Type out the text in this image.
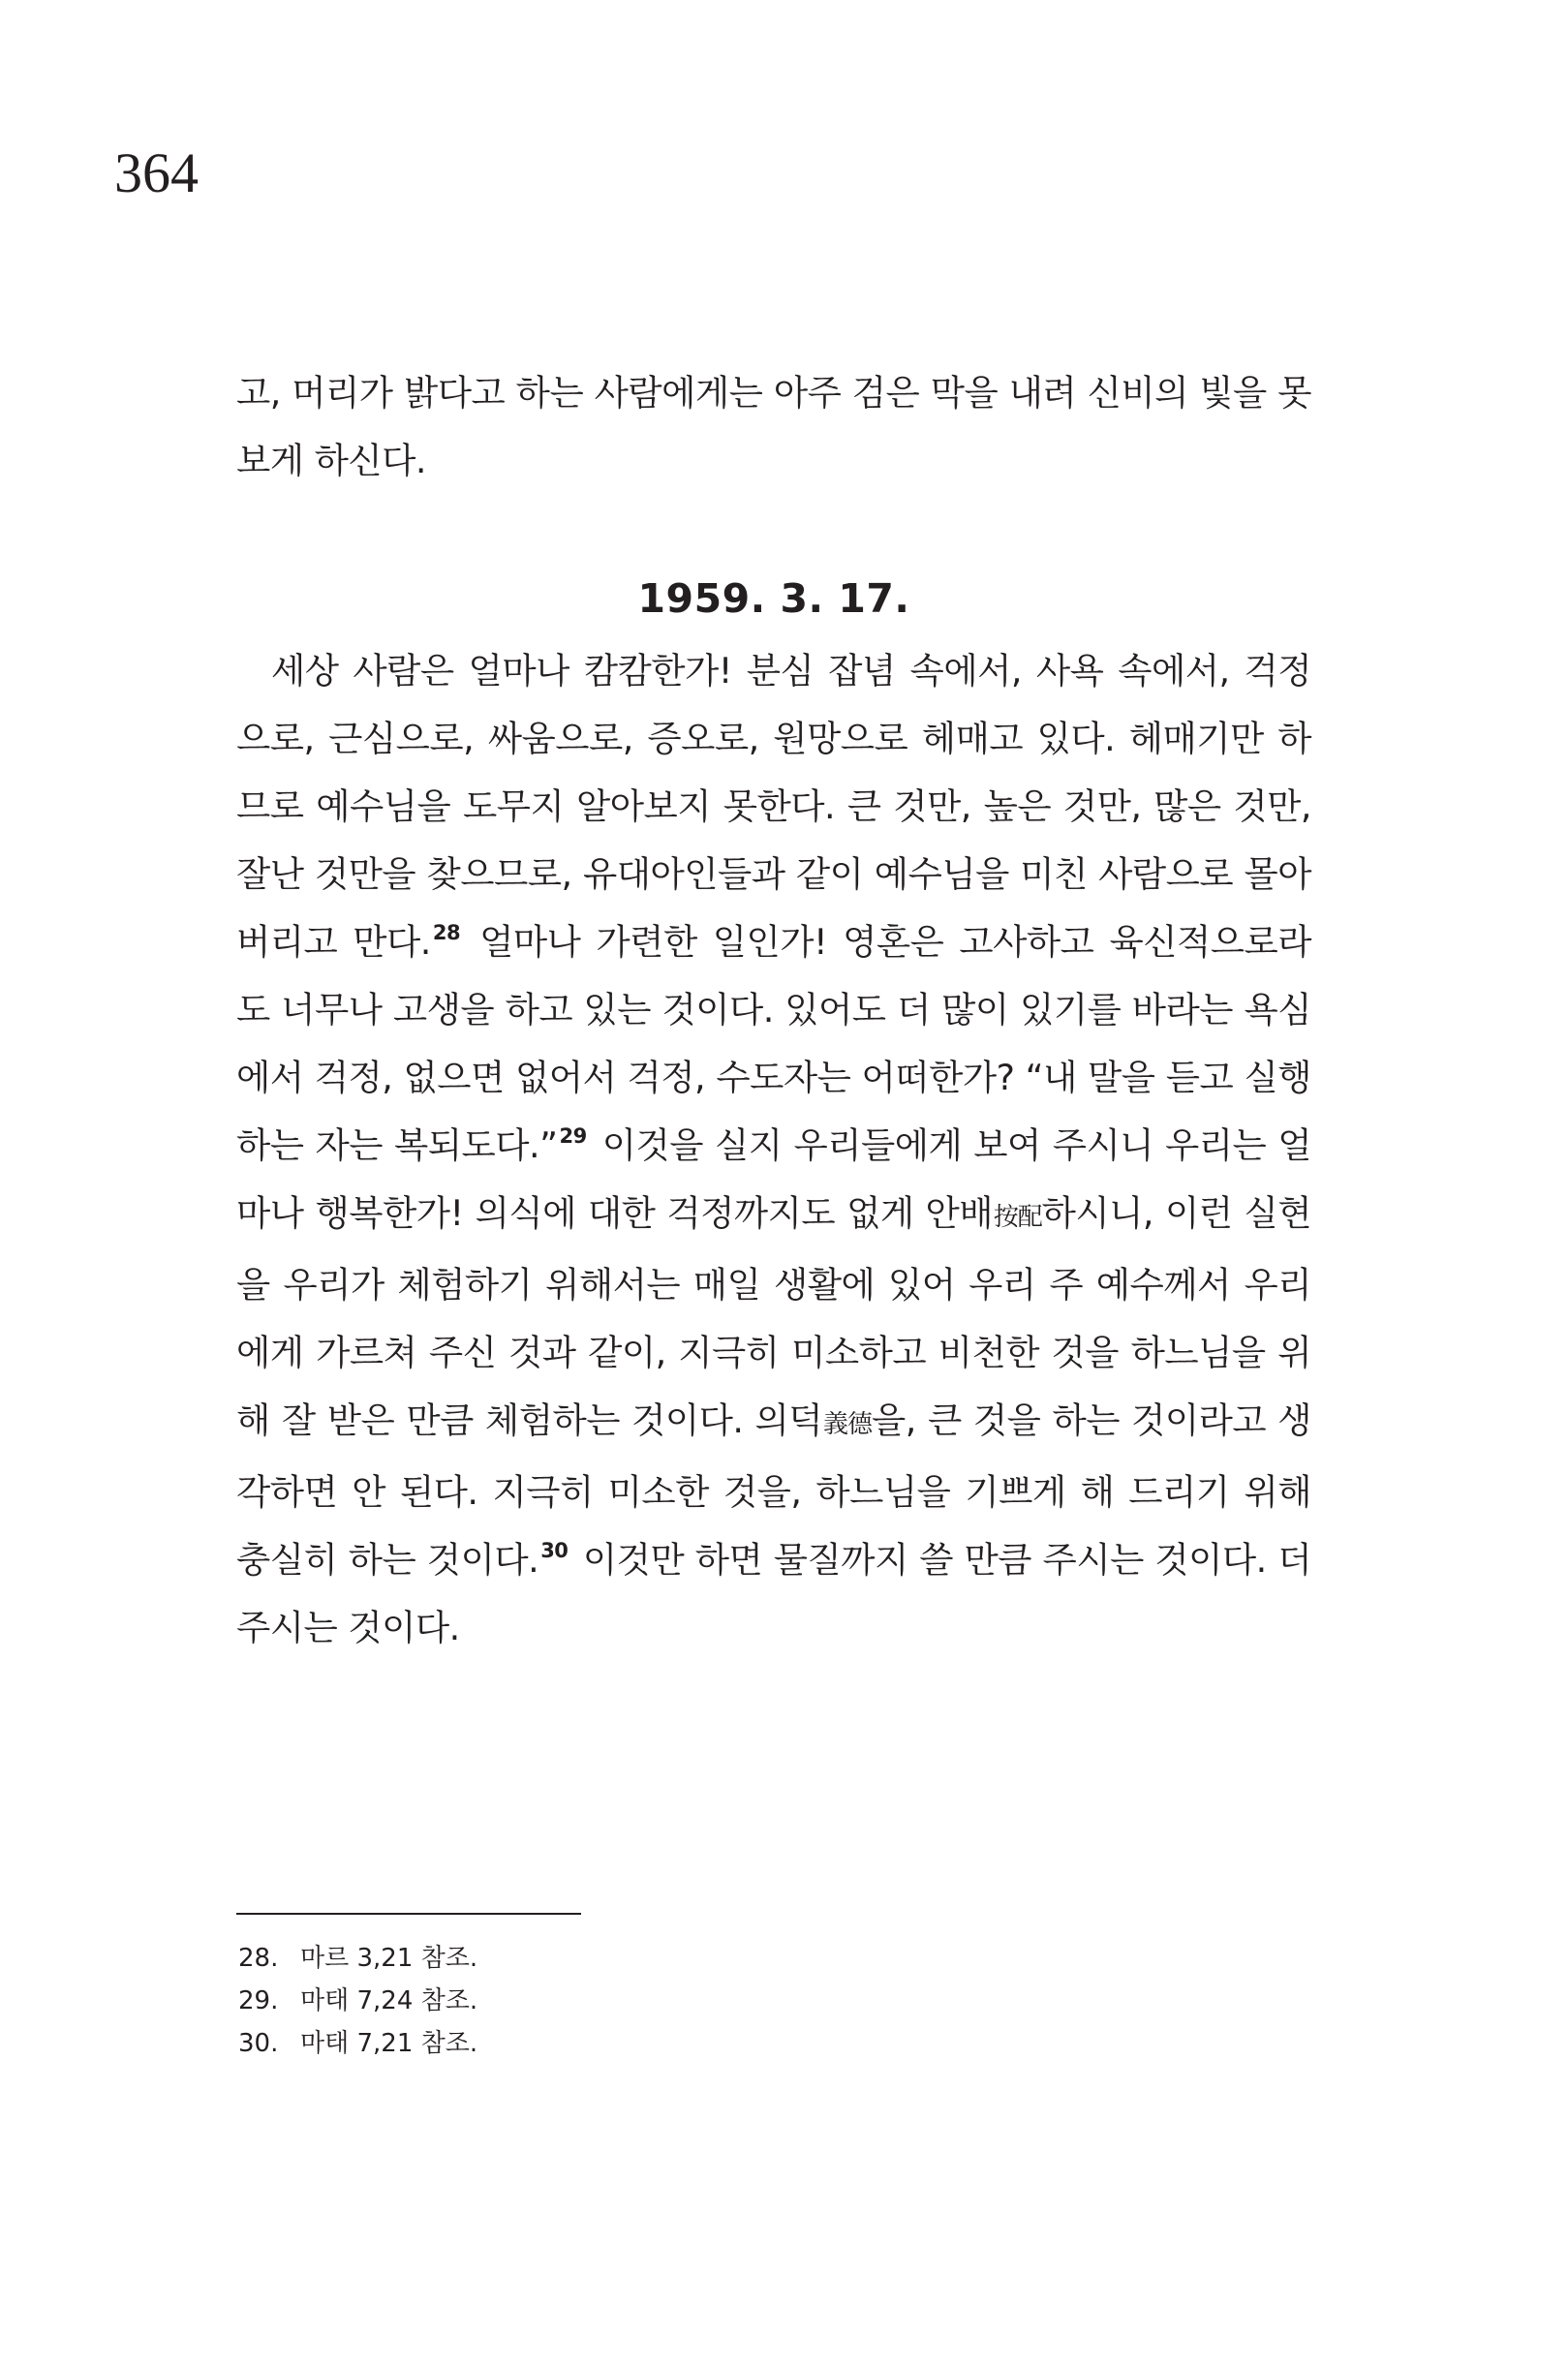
364

고, 머리가 밝다고 하는 사람에게는 아주 검은 막을 내려 신비의 빛을 못 보게 하신다.

1959. 3. 17.

세상 사람은 얼마나 캄캄한가! 분심 잡념 속에서, 사욕 속에서, 걱정으로, 근심으로, 싸움으로, 증오로, 원망으로 헤매고 있다. 헤매기만 하므로 예수님을 도무지 알아보지 못한다. 큰 것만, 높은 것만, 많은 것만, 잘난 것만을 찾으므로, 유대아인들과 같이 예수님을 미친 사람으로 몰아 버리고 만다.$^{28}$ 얼마나 가련한 일인가! 영혼은 고사하고 육신적으로라도 너무나 고생을 하고 있는 것이다. 있어도 더 많이 있기를 바라는 욕심에서 걱정, 없으면 없어서 걱정, 수도자는 어떠한가? “내 말을 듣고 실행하는 자는 복되도다.”$^{29}$ 이것을 실지 우리들에게 보여 주시니 우리는 얼마나 행복한가! 의식에 대한 걱정까지도 없게 안배按配하시니, 이런 실현을 우리가 체험하기 위해서는 매일 생활에 있어 우리 주 예수께서 우리에게 가르쳐 주신 것과 같이, 지극히 미소하고 비천한 것을 하느님을 위해 잘 받은 만큼 체험하는 것이다. 의덕義德을, 큰 것을 하는 것이라고 생각하면 안 된다. 지극히 미소한 것을, 하느님을 기쁘게 해 드리기 위해 충실히 하는 것이다.$^{30}$ 이것만 하면 물질까지 쓸 만큼 주시는 것이다. 더 주시는 것이다.

28. 마르 3,21 참조.
29. 마태 7,24 참조.
30. 마태 7,21 참조.
